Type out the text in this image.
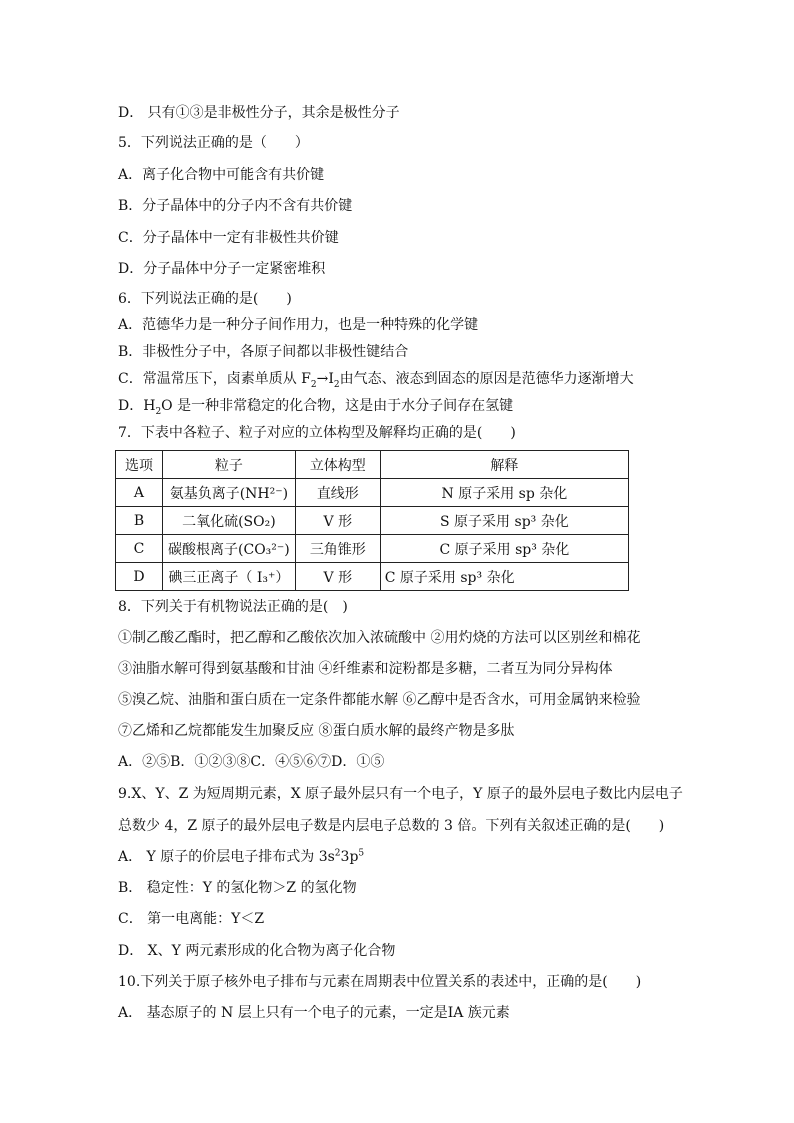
D． 只有①③是非极性分子，其余是极性分子
5．下列说法正确的是（　　）
A．离子化合物中可能含有共价键
B．分子晶体中的分子内不含有共价键
C．分子晶体中一定有非极性共价键
D．分子晶体中分子一定紧密堆积
6．下列说法正确的是(　　)
A．范德华力是一种分子间作用力，也是一种特殊的化学键
B．非极性分子中，各原子间都以非极性键结合
C．常温常压下，卤素单质从 $F_2\to I_2$由气态、液态到固态的原因是范德华力逐渐增大
D．$H_2O$ 是一种非常稳定的化合物，这是由于水分子间存在氢键
7．下表中各粒子、粒子对应的立体构型及解释均正确的是(　　)
选项	粒子	立体构型	解释
A	氨基负离子(NH²⁻)	直线形	N 原子采用 sp 杂化
B	二氧化硫(SO₂)	V 形	S 原子采用 sp³ 杂化
C	碳酸根离子(CO₃²⁻)	三角锥形	C 原子采用 sp³ 杂化
D	碘三正离子（ I₃⁺）	V 形	C 原子采用 sp³ 杂化
8．下列关于有机物说法正确的是(　)
①制乙酸乙酯时，把乙醇和乙酸依次加入浓硫酸中 ②用灼烧的方法可以区别丝和棉花
③油脂水解可得到氨基酸和甘油 ④纤维素和淀粉都是多糖，二者互为同分异构体
⑤溴乙烷、油脂和蛋白质在一定条件都能水解 ⑥乙醇中是否含水，可用金属钠来检验
⑦乙烯和乙烷都能发生加聚反应 ⑧蛋白质水解的最终产物是多肽
A．②⑤B．①②③⑧C．④⑤⑥⑦D．①⑤
9.X、Y、Z 为短周期元素，X 原子最外层只有一个电子，Y 原子的最外层电子数比内层电子
总数少 4，Z 原子的最外层电子数是内层电子总数的 3 倍。下列有关叙述正确的是(　　)
A． Y 原子的价层电子排布式为 $3s^23p^5$
B． 稳定性：Y 的氢化物＞Z 的氢化物
C． 第一电离能：Y＜Z
D． X、Y 两元素形成的化合物为离子化合物
10.下列关于原子核外电子排布与元素在周期表中位置关系的表述中，正确的是(　　)
A． 基态原子的 N 层上只有一个电子的元素，一定是ⅠA 族元素
